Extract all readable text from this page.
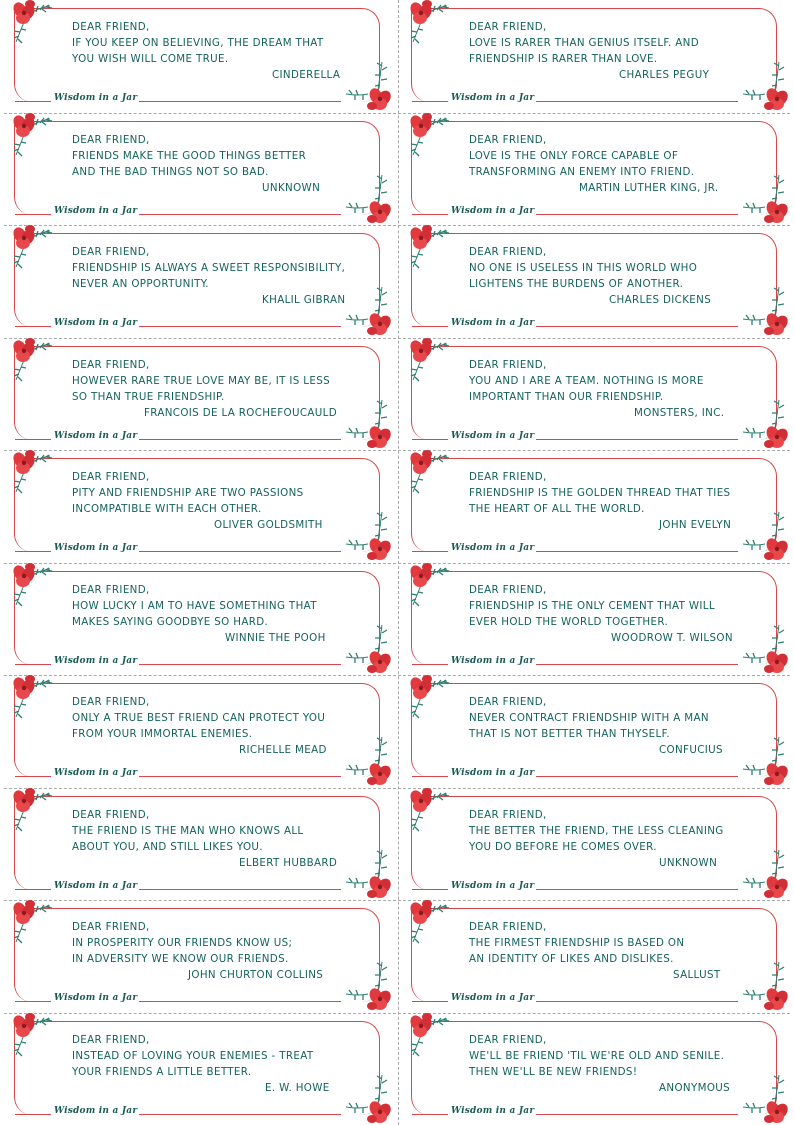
Wisdom in a Jar
DEAR FRIEND,
IF YOU KEEP ON BELIEVING, THE DREAM THAT
YOU WISH WILL COME TRUE.
CINDERELLA
Wisdom in a Jar
DEAR FRIEND,
LOVE IS RARER THAN GENIUS ITSELF. AND
FRIENDSHIP IS RARER THAN LOVE.
CHARLES PEGUY
Wisdom in a Jar
DEAR FRIEND,
FRIENDS MAKE THE GOOD THINGS BETTER
AND THE BAD THINGS NOT SO BAD.
UNKNOWN
Wisdom in a Jar
DEAR FRIEND,
LOVE IS THE ONLY FORCE CAPABLE OF
TRANSFORMING AN ENEMY INTO FRIEND.
MARTIN LUTHER KING, JR.
Wisdom in a Jar
DEAR FRIEND,
FRIENDSHIP IS ALWAYS A SWEET RESPONSIBILITY,
NEVER AN OPPORTUNITY.
KHALIL GIBRAN
Wisdom in a Jar
DEAR FRIEND,
NO ONE IS USELESS IN THIS WORLD WHO
LIGHTENS THE BURDENS OF ANOTHER.
CHARLES DICKENS
Wisdom in a Jar
DEAR FRIEND,
HOWEVER RARE TRUE LOVE MAY BE, IT IS LESS
SO THAN TRUE FRIENDSHIP.
FRANCOIS DE LA ROCHEFOUCAULD
Wisdom in a Jar
DEAR FRIEND,
YOU AND I ARE A TEAM. NOTHING IS MORE
IMPORTANT THAN OUR FRIENDSHIP.
MONSTERS, INC.
Wisdom in a Jar
DEAR FRIEND,
PITY AND FRIENDSHIP ARE TWO PASSIONS
INCOMPATIBLE WITH EACH OTHER.
OLIVER GOLDSMITH
Wisdom in a Jar
DEAR FRIEND,
FRIENDSHIP IS THE GOLDEN THREAD THAT TIES
THE HEART OF ALL THE WORLD.
JOHN EVELYN
Wisdom in a Jar
DEAR FRIEND,
HOW LUCKY I AM TO HAVE SOMETHING THAT
MAKES SAYING GOODBYE SO HARD.
WINNIE THE POOH
Wisdom in a Jar
DEAR FRIEND,
FRIENDSHIP IS THE ONLY CEMENT THAT WILL
EVER HOLD THE WORLD TOGETHER.
WOODROW T. WILSON
Wisdom in a Jar
DEAR FRIEND,
ONLY A TRUE BEST FRIEND CAN PROTECT YOU
FROM YOUR IMMORTAL ENEMIES.
RICHELLE MEAD
Wisdom in a Jar
DEAR FRIEND,
NEVER CONTRACT FRIENDSHIP WITH A MAN
THAT IS NOT BETTER THAN THYSELF.
CONFUCIUS
Wisdom in a Jar
DEAR FRIEND,
THE FRIEND IS THE MAN WHO KNOWS ALL
ABOUT YOU, AND STILL LIKES YOU.
ELBERT HUBBARD
Wisdom in a Jar
DEAR FRIEND,
THE BETTER THE FRIEND, THE LESS CLEANING
YOU DO BEFORE HE COMES OVER.
UNKNOWN
Wisdom in a Jar
DEAR FRIEND,
IN PROSPERITY OUR FRIENDS KNOW US;
IN ADVERSITY WE KNOW OUR FRIENDS.
JOHN CHURTON COLLINS
Wisdom in a Jar
DEAR FRIEND,
THE FIRMEST FRIENDSHIP IS BASED ON
AN IDENTITY OF LIKES AND DISLIKES.
SALLUST
Wisdom in a Jar
DEAR FRIEND,
INSTEAD OF LOVING YOUR ENEMIES - TREAT
YOUR FRIENDS A LITTLE BETTER.
E. W. HOWE
Wisdom in a Jar
DEAR FRIEND,
WE'LL BE FRIEND 'TIL WE'RE OLD AND SENILE.
THEN WE'LL BE NEW FRIENDS!
ANONYMOUS
